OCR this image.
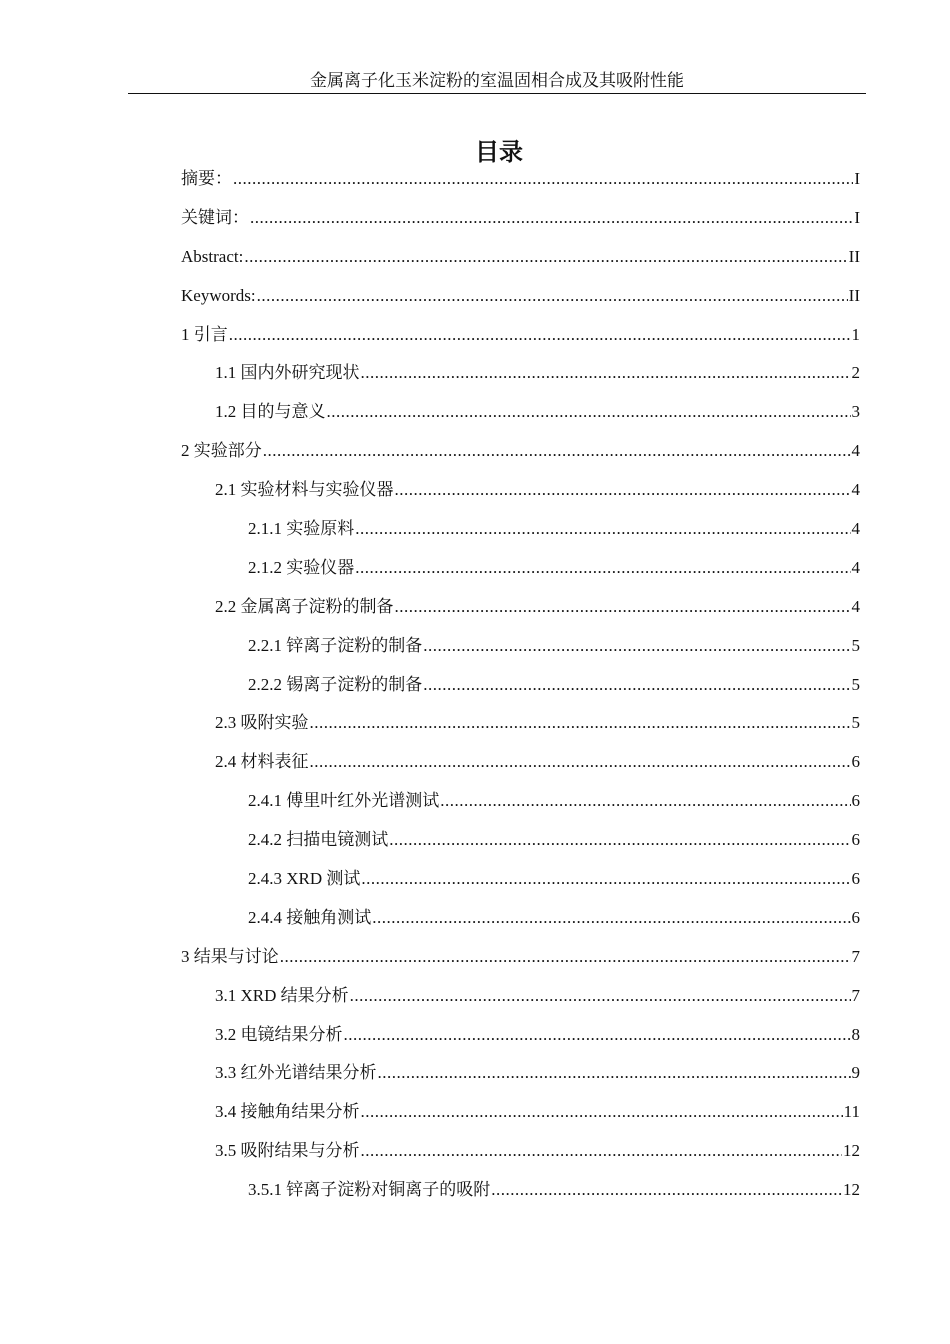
金属离子化玉米淀粉的室温固相合成及其吸附性能
目录
摘要： .....	I
关键词： .....	I
Abstract: .....	II
Keywords: .....	II
1 引言 .....	1
1.1 国内外研究现状 .....	2
1.2 目的与意义 .....	3
2 实验部分 .....	4
2.1 实验材料与实验仪器 .....	4
2.1.1 实验原料 .....	4
2.1.2 实验仪器 .....	4
2.2 金属离子淀粉的制备 .....	4
2.2.1 锌离子淀粉的制备 .....	5
2.2.2 锡离子淀粉的制备 .....	5
2.3 吸附实验 .....	5
2.4 材料表征 .....	6
2.4.1 傅里叶红外光谱测试 .....	6
2.4.2 扫描电镜测试 .....	6
2.4.3 XRD 测试 .....	6
2.4.4 接触角测试 .....	6
3 结果与讨论 .....	7
3.1 XRD 结果分析 .....	7
3.2 电镜结果分析 .....	8
3.3 红外光谱结果分析 .....	9
3.4 接触角结果分析 .....	11
3.5 吸附结果与分析 .....	12
3.5.1 锌离子淀粉对铜离子的吸附 .....	12
